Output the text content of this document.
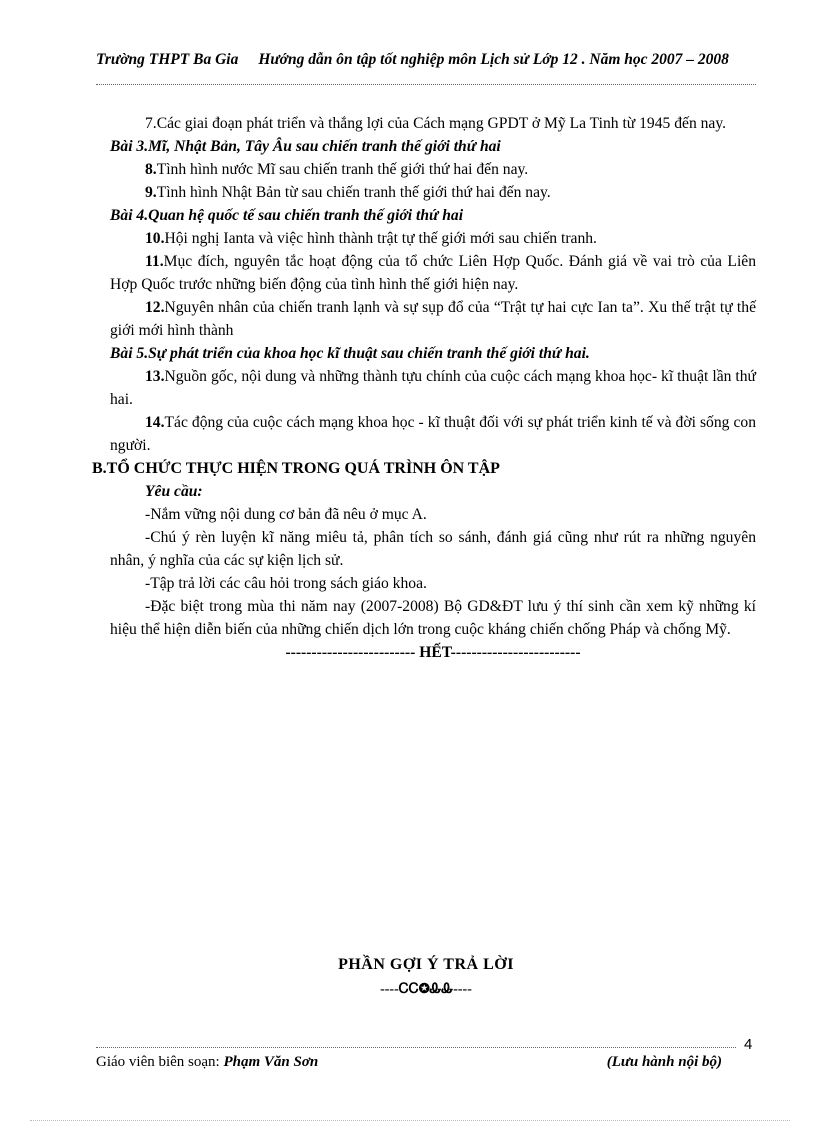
Trường THPT Ba Gia Hướng dẫn ôn tập tốt nghiệp môn Lịch sử Lớp 12 . Năm học 2007 – 2008

7.Các giai đoạn phát triển và thắng lợi của Cách mạng GPDT ở Mỹ La Tinh từ 1945 đến nay.

Bài 3.Mĩ, Nhật Bản, Tây Âu sau chiến tranh thế giới thứ hai

8.Tình hình nước Mĩ sau chiến tranh thế giới thứ hai đến nay.

9.Tình hình Nhật Bản từ sau chiến tranh thế giới thứ hai đến nay.

Bài 4.Quan hệ quốc tế sau chiến tranh thế giới thứ hai

10.Hội nghị Ianta và việc hình thành trật tự thế giới mới sau chiến tranh.

11.Mục đích, nguyên tắc hoạt động của tổ chức Liên Hợp Quốc. Đánh giá về vai trò của Liên Hợp Quốc trước những biến động của tình hình thế giới hiện nay.

12.Nguyên nhân của chiến tranh lạnh và sự sụp đổ của “Trật tự hai cực Ian ta”. Xu thế trật tự thế giới mới hình thành

Bài 5.Sự phát triển của khoa học kĩ thuật sau chiến tranh thế giới thứ hai.

13.Nguồn gốc, nội dung và những thành tựu chính của cuộc cách mạng khoa học- kĩ thuật lần thứ hai.

14.Tác động của cuộc cách mạng khoa học - kĩ thuật đối với sự phát triển kinh tế và đời sống con người.

B.TỔ CHỨC THỰC HIỆN TRONG QUÁ TRÌNH ÔN TẬP

Yêu cầu:

-Nắm vững nội dung cơ bản đã nêu ở mục A.

-Chú ý rèn luyện kĩ năng miêu tả, phân tích so sánh, đánh giá cũng như rút ra những nguyên nhân, ý nghĩa của các sự kiện lịch sử.

-Tập trả lời các câu hỏi trong sách giáo khoa.

-Đặc biệt trong mùa thi năm nay (2007-2008) Bộ GD&ĐT lưu ý thí sinh cần xem kỹ những kí hiệu thể hiện diễn biến của những chiến dịch lớn trong cuộc kháng chiến chống Pháp và chống Mỹ.

------------------------- HẾT-------------------------

PHẦN GỢI Ý TRẢ LỜI
----ᏟᏟ✪ᎲᎲ----
4
Giáo viên biên soạn: Phạm Văn Sơn	(Lưu hành nội bộ)
